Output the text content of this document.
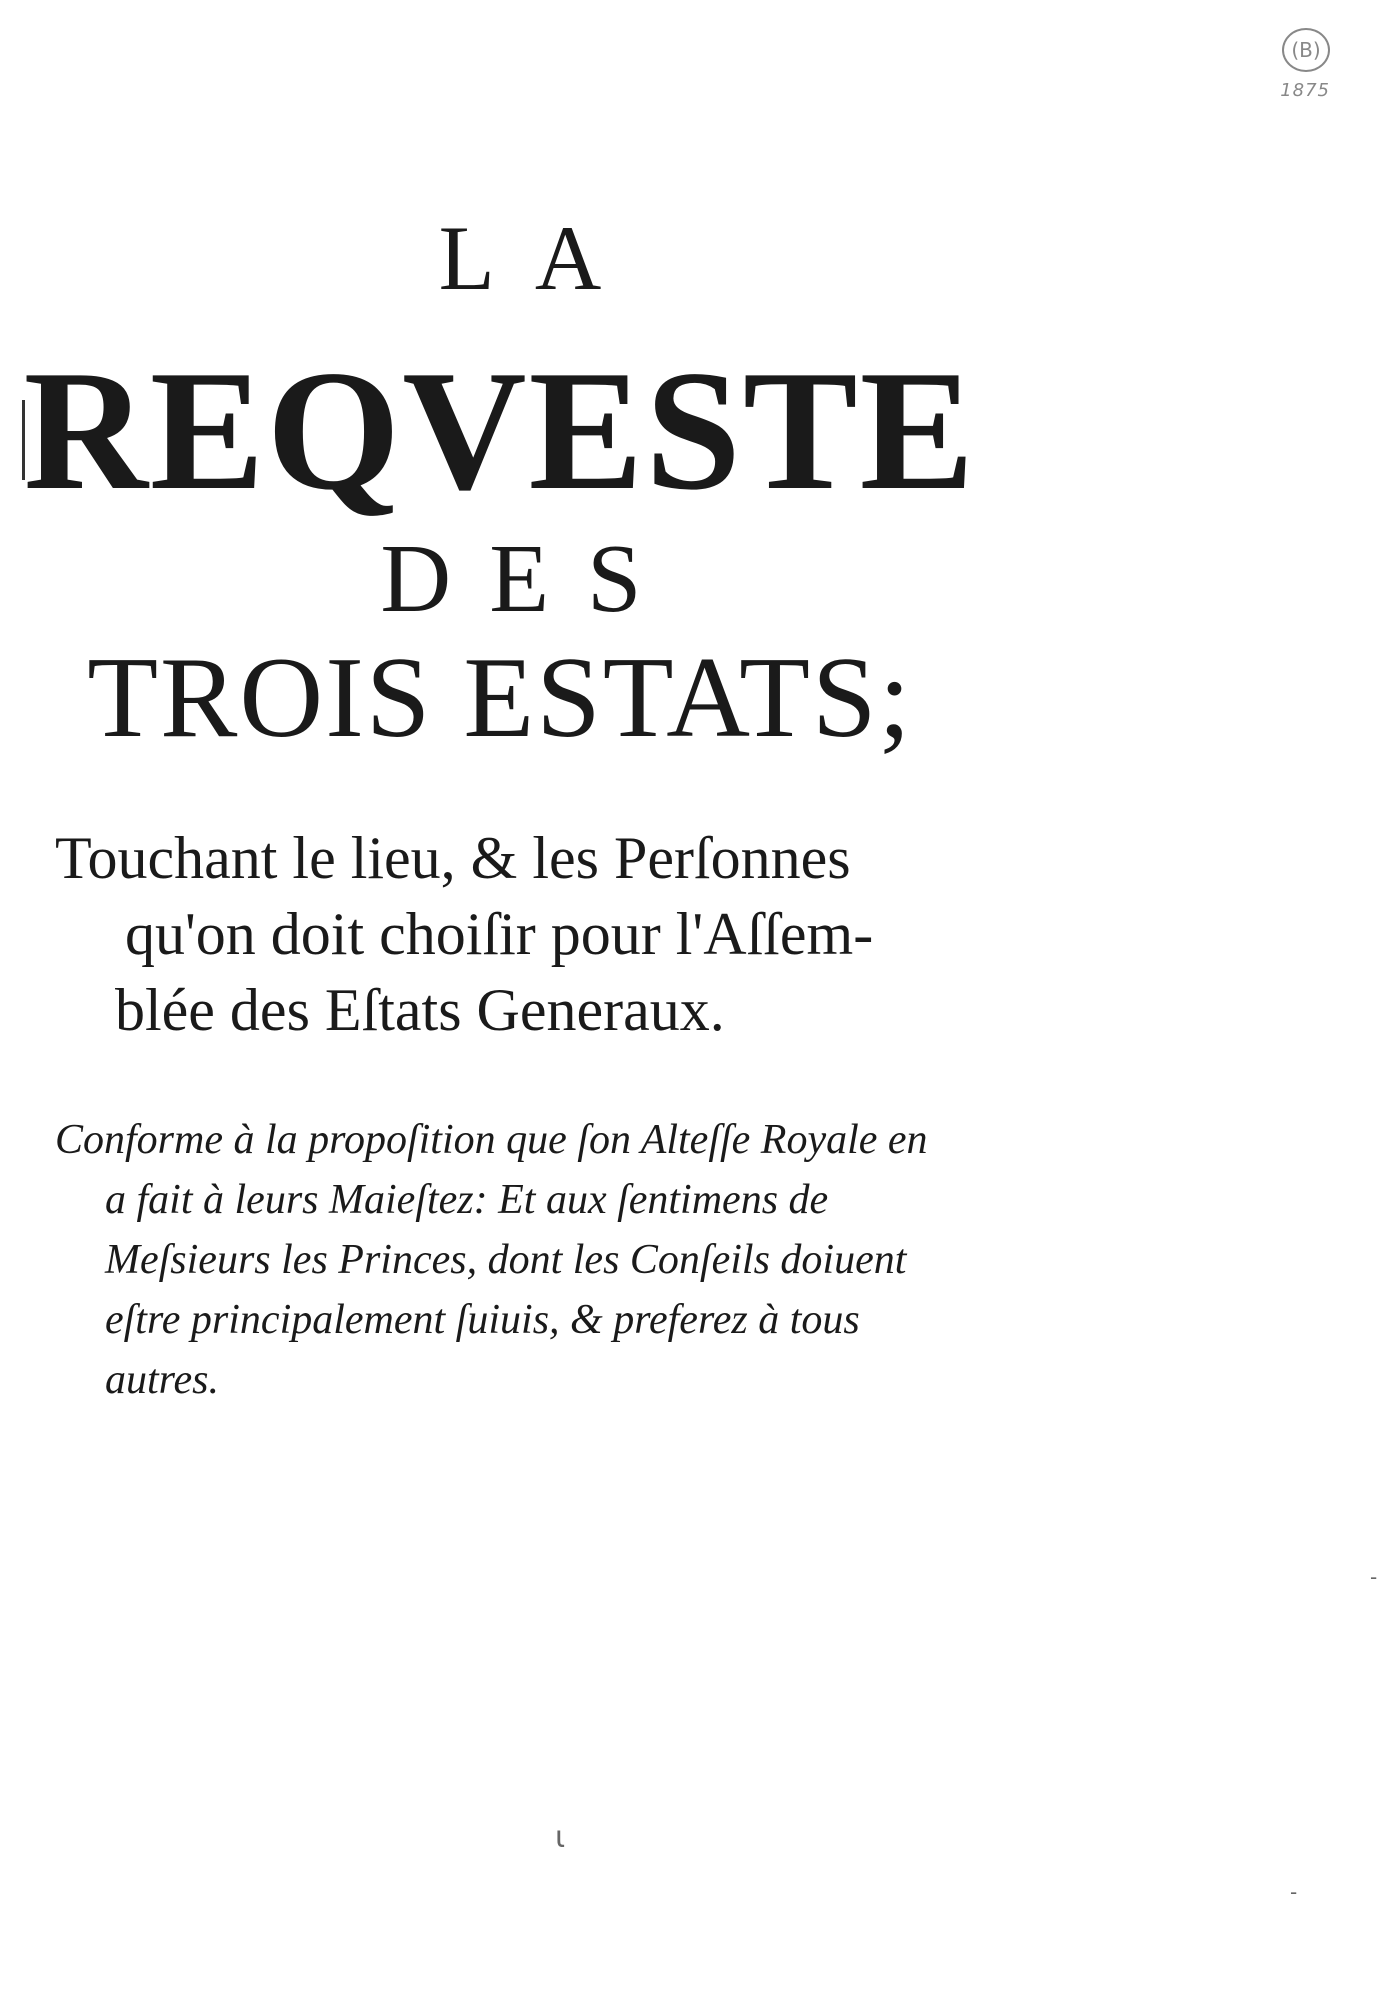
(B)
1875
LA
REQVESTE
DES
TROIS ESTATS;
Touchant le lieu, & les Perſonnes
qu'on doit choiſir pour l'Aſſem-
blée des Eſtats Generaux.
Conforme à la propoſition que ſon Alteſſe Royale en
a fait à leurs Maieſtez: Et aux ſentimens de
Meſsieurs les Princes, dont les Conſeils doiuent
eſtre principalement ſuiuis, & preferez à tous
autres.
ι
-
-
